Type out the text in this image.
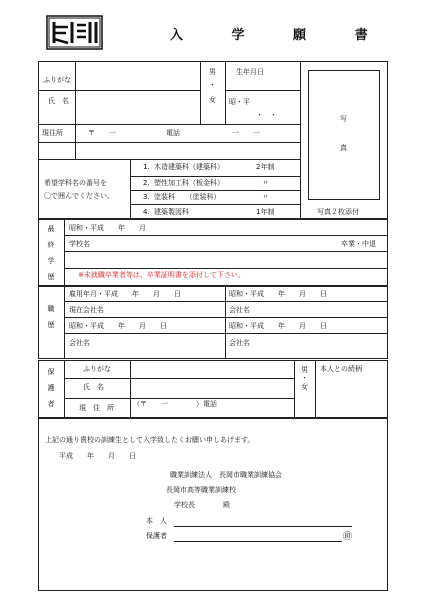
入 学 願 書
ふりがな
氏　名
男
・
女
生年月日
昭・平
・　・
現住所	〒　　一	電話	一　　一
写
真
写真２枚添付
希望学科名の番号を
〇で囲んでください。
1. 木造建築科（建築科）	2年制
2. 塑性加工科（板金科）	〃
3. 塗装科　　（塗装科）	〃
4. 建築製図科	1年制
最終学歴 昭和・平成　　年　　月
学校名	卒業・中退
※未就職卒業者等は、卒業証明書を添付して下さい。
職歴
雇用年月・平成　　年　　月　　日	昭和・平成　　年　　月　　日
現在会社名	会社名
昭和・平成　　年　　月　　日	昭和・平成　　年　　月　　日
会社名	会社名
保護者	ふりがな
氏　名
現　住　所	（〒　　一　　　　）電話
男
・
女
本人との続柄
上記の通り貴校の訓練生として入学致したくお願い申しあげます。
平成　　年　　月　　日
職業訓練法人　長岡市職業訓練協会
長岡市高等職業訓練校
学校長　　　　殿
本　人
保護者	㊞
